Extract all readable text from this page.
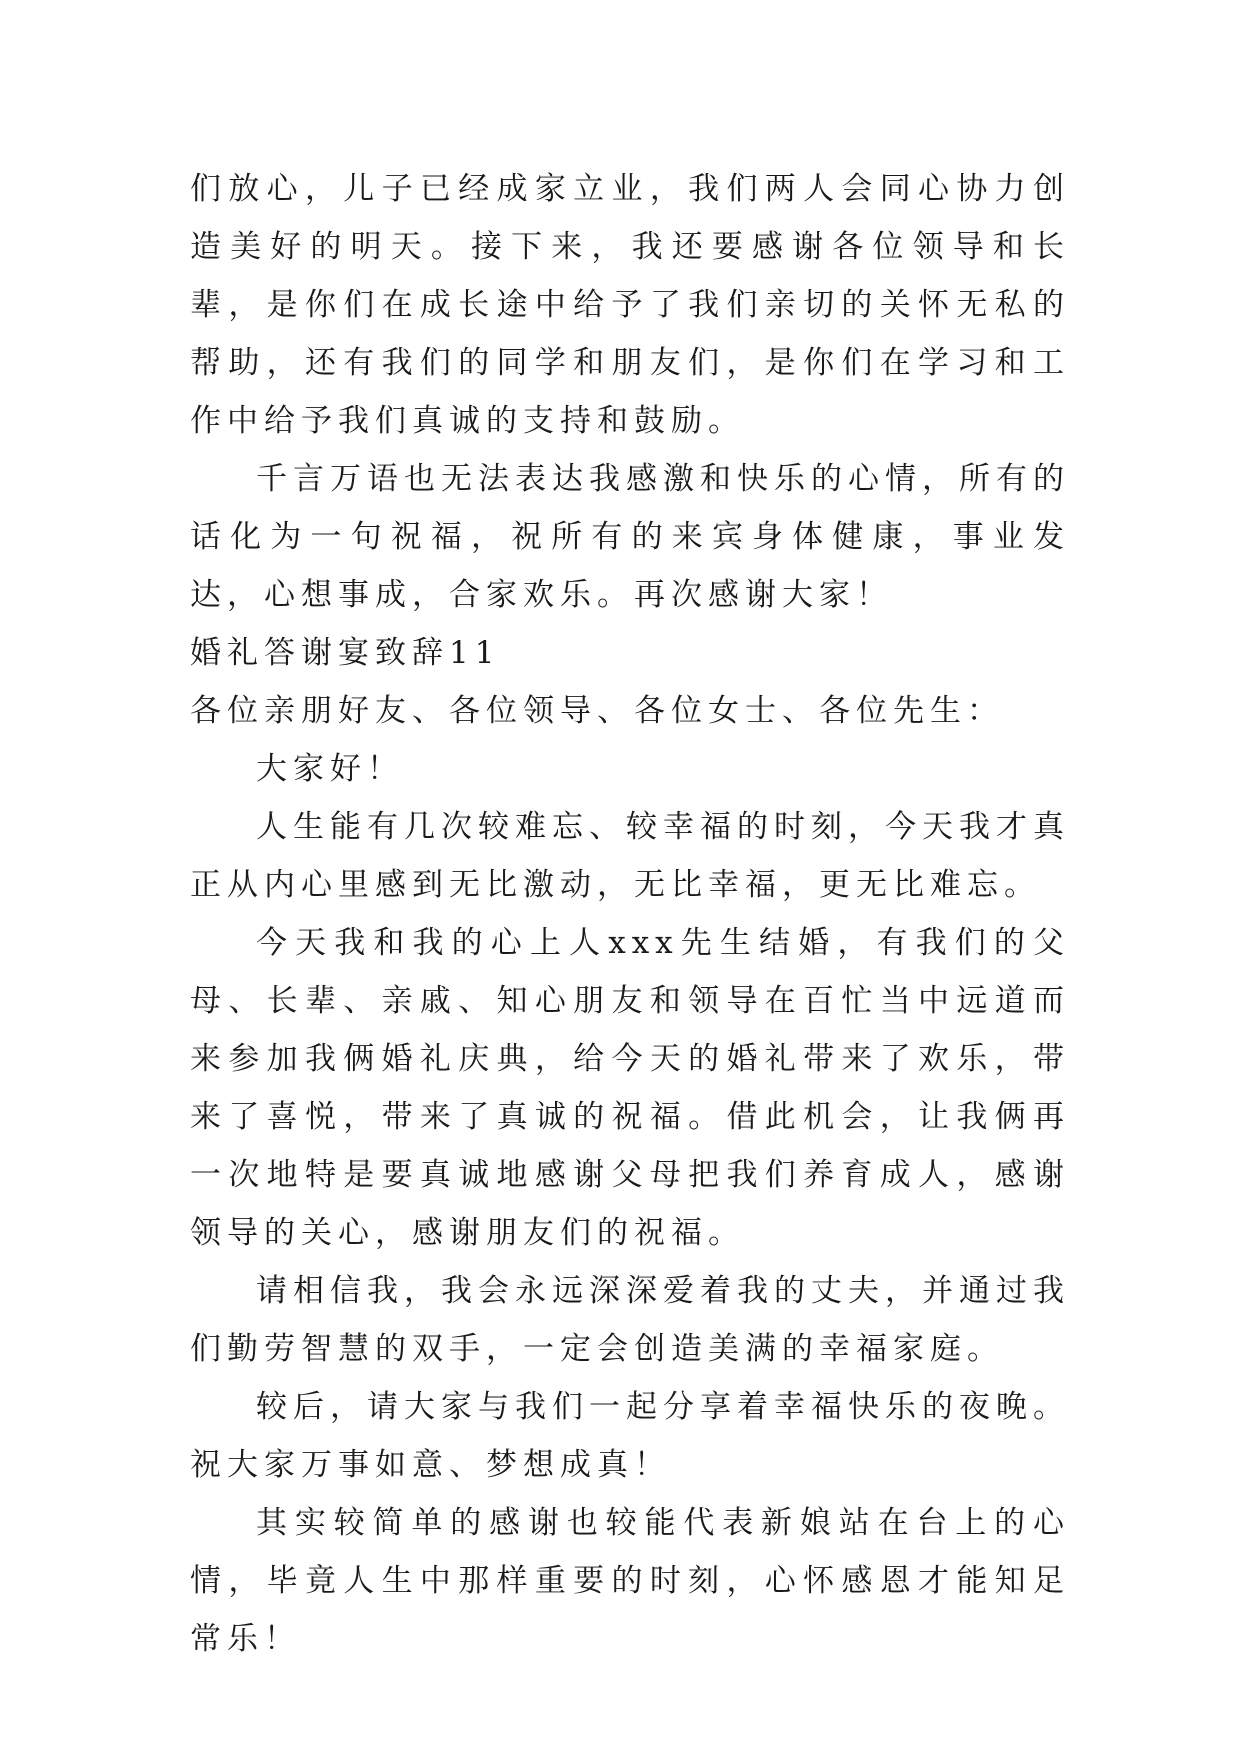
们放心，儿子已经成家立业，我们两人会同心协力创造美好的明天。接下来，我还要感谢各位领导和长辈，是你们在成长途中给予了我们亲切的关怀无私的帮助，还有我们的同学和朋友们，是你们在学习和工作中给予我们真诚的支持和鼓励。

千言万语也无法表达我感激和快乐的心情，所有的话化为一句祝福，祝所有的来宾身体健康，事业发达，心想事成，合家欢乐。再次感谢大家！

婚礼答谢宴致辞11

各位亲朋好友、各位领导、各位女士、各位先生：

大家好！

人生能有几次较难忘、较幸福的时刻，今天我才真正从内心里感到无比激动，无比幸福，更无比难忘。

今天我和我的心上人xxx先生结婚，有我们的父母、长辈、亲戚、知心朋友和领导在百忙当中远道而来参加我俩婚礼庆典，给今天的婚礼带来了欢乐，带来了喜悦，带来了真诚的祝福。借此机会，让我俩再一次地特是要真诚地感谢父母把我们养育成人，感谢领导的关心，感谢朋友们的祝福。

请相信我，我会永远深深爱着我的丈夫，并通过我们勤劳智慧的双手，一定会创造美满的幸福家庭。

较后，请大家与我们一起分享着幸福快乐的夜晚。祝大家万事如意、梦想成真！

其实较简单的感谢也较能代表新娘站在台上的心情，毕竟人生中那样重要的时刻，心怀感恩才能知足常乐！
